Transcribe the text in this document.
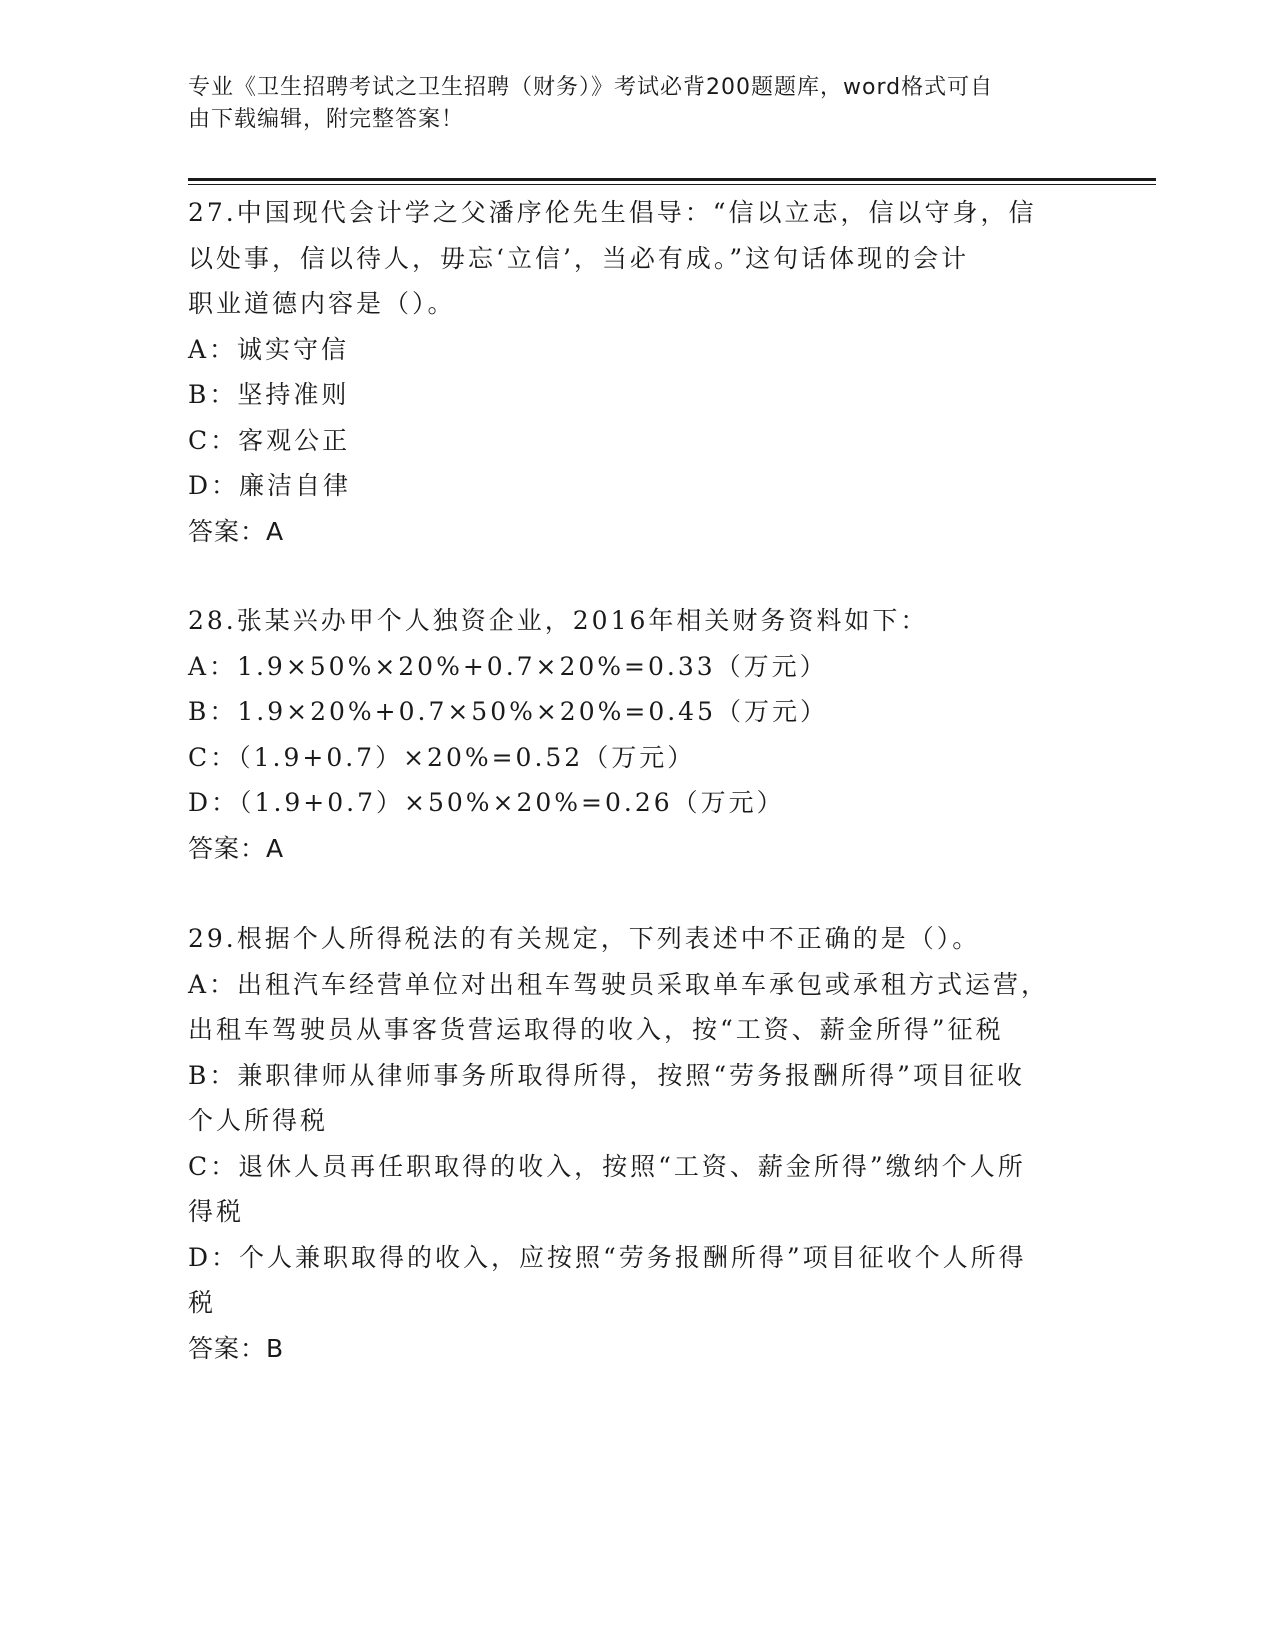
专业《卫生招聘考试之卫生招聘（财务）》考试必背200题题库，word格式可自

由下载编辑，附完整答案！

27.中国现代会计学之父潘序伦先生倡导：“信以立志，信以守身，信

以处事，信以待人，毋忘‘立信’，当必有成。”这句话体现的会计

职业道德内容是（）。

A：诚实守信

B：坚持准则

C：客观公正

D：廉洁自律

答案：A

28.张某兴办甲个人独资企业，2016年相关财务资料如下：

A：1.9×50%×20%+0.7×20%=0.33（万元）

B：1.9×20%+0.7×50%×20%=0.45（万元）

C：（1.9+0.7）×20%=0.52（万元）

D：（1.9+0.7）×50%×20%=0.26（万元）

答案：A

29.根据个人所得税法的有关规定，下列表述中不正确的是（）。

A：出租汽车经营单位对出租车驾驶员采取单车承包或承租方式运营，

出租车驾驶员从事客货营运取得的收入，按“工资、薪金所得”征税

B：兼职律师从律师事务所取得所得，按照“劳务报酬所得”项目征收

个人所得税

C：退休人员再任职取得的收入，按照“工资、薪金所得”缴纳个人所

得税

D：个人兼职取得的收入，应按照“劳务报酬所得”项目征收个人所得

税

答案：B
